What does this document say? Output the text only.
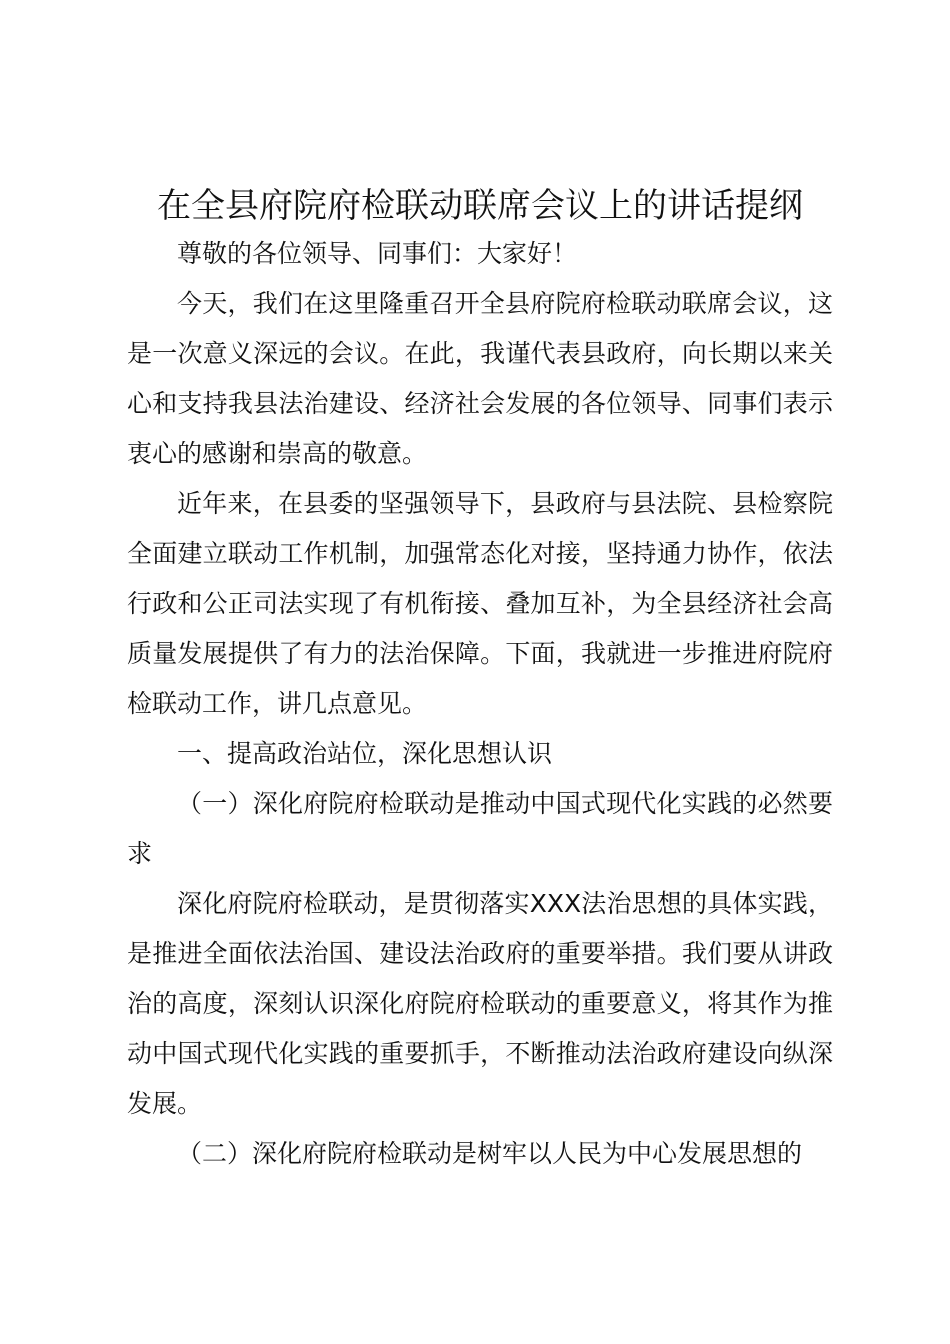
在全县府院府检联动联席会议上的讲话提纲

尊敬的各位领导、同事们：大家好！

今天，我们在这里隆重召开全县府院府检联动联席会议，这是一次意义深远的会议。在此，我谨代表县政府，向长期以来关心和支持我县法治建设、经济社会发展的各位领导、同事们表示衷心的感谢和崇高的敬意。

近年来，在县委的坚强领导下，县政府与县法院、县检察院全面建立联动工作机制，加强常态化对接，坚持通力协作，依法行政和公正司法实现了有机衔接、叠加互补，为全县经济社会高质量发展提供了有力的法治保障。下面，我就进一步推进府院府检联动工作，讲几点意见。

一、提高政治站位，深化思想认识

（一）深化府院府检联动是推动中国式现代化实践的必然要求

深化府院府检联动，是贯彻落实XXX法治思想的具体实践，是推进全面依法治国、建设法治政府的重要举措。我们要从讲政治的高度，深刻认识深化府院府检联动的重要意义，将其作为推动中国式现代化实践的重要抓手，不断推动法治政府建设向纵深发展。

（二）深化府院府检联动是树牢以人民为中心发展思想的
